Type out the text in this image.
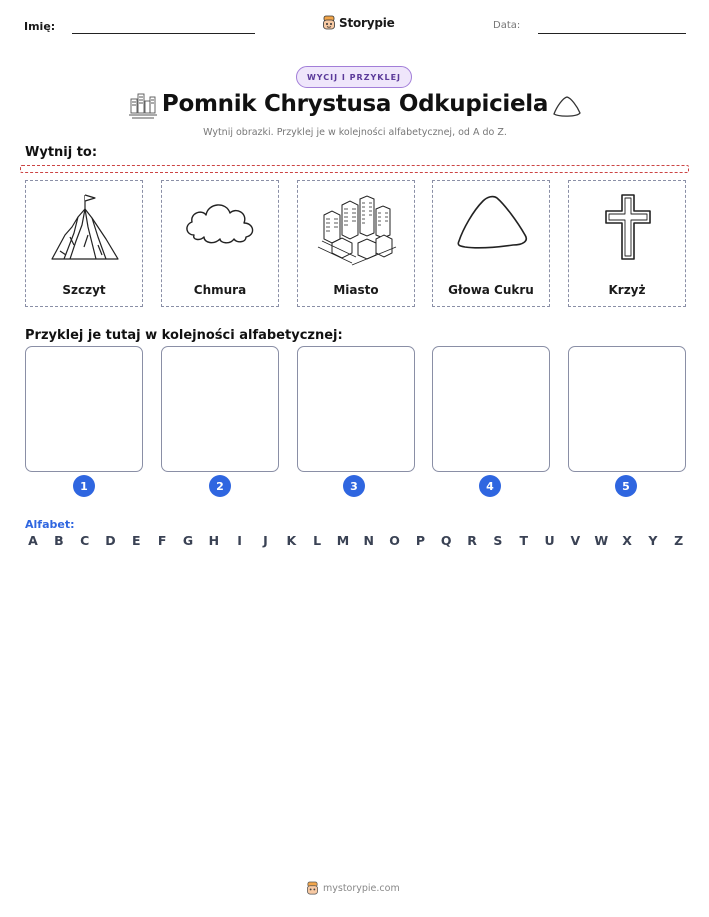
Imię:	Storypie	Data:
WYCIJ I PRZYKLEJ
Pomnik Chrystusa Odkupiciela
Wytnij obrazki. Przyklej je w kolejności alfabetycznej, od A do Z.
Wytnij to:
Szczyt	Chmura	Miasto	Głowa Cukru	Krzyż
Przyklej je tutaj w kolejności alfabetycznej:
1	2	3	4	5
Alfabet:
A B C D E F G H	I	J	K L M N O P Q R S T U V W X Y Z
mystorypie.com
